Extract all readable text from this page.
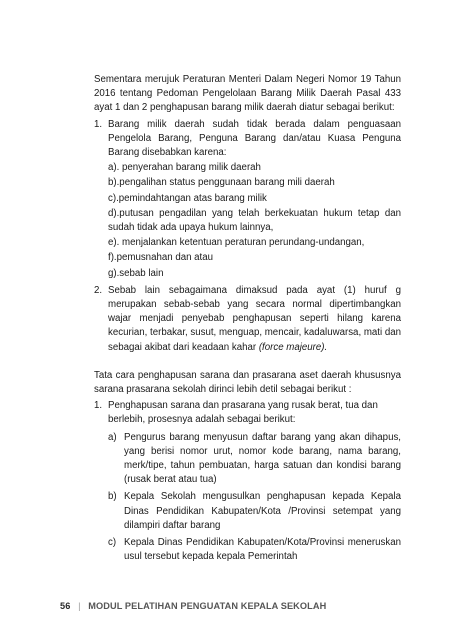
Sementara merujuk Peraturan Menteri Dalam Negeri Nomor 19 Tahun 2016 tentang Pedoman Pengelolaan Barang Milik Daerah Pasal 433 ayat 1 dan 2 penghapusan barang milik daerah diatur sebagai berikut:

1. Barang milik daerah sudah tidak berada dalam penguasaan Pengelola Barang, Penguna Barang dan/atau Kuasa Penguna Barang disebabkan karena:

a). penyerahan barang milik daerah

b).pengalihan status penggunaan barang mili daerah

c).pemindahtangan atas barang milik

d).putusan pengadilan yang telah berkekuatan hukum tetap dan sudah tidak ada upaya hukum lainnya,

e). menjalankan ketentuan peraturan perundang-undangan,

f).pemusnahan dan atau

g).sebab lain

2. Sebab lain sebagaimana dimaksud pada ayat (1) huruf g merupakan sebab-sebab yang secara normal dipertimbangkan wajar menjadi penyebab penghapusan seperti hilang karena kecurian, terbakar, susut, menguap, mencair, kadaluwarsa, mati dan sebagai akibat dari keadaan kahar (force majeure).

Tata cara penghapusan sarana dan prasarana aset daerah khususnya sarana prasarana sekolah dirinci lebih detil sebagai berikut :

1. Penghapusan sarana dan prasarana yang rusak berat, tua dan berlebih, prosesnya adalah sebagai berikut:

a) Pengurus barang menyusun daftar barang yang akan dihapus, yang berisi nomor urut, nomor kode barang, nama barang, merk/tipe, tahun pembuatan, harga satuan dan kondisi barang (rusak berat atau tua)

b) Kepala Sekolah mengusulkan penghapusan kepada Kepala Dinas Pendidikan Kabupaten/Kota /Provinsi setempat yang dilampiri daftar barang

c) Kepala Dinas Pendidikan Kabupaten/Kota/Provinsi meneruskan usul tersebut kepada kepala Pemerintah

56 | MODUL PELATIHAN PENGUATAN KEPALA SEKOLAH
